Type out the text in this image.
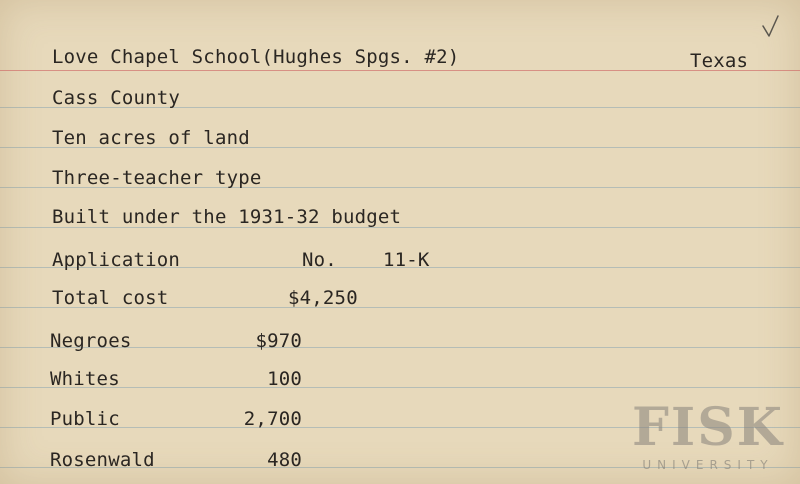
Love Chapel School(Hughes Spgs. #2)	Texas
Cass County
Ten acres of land
Three-teacher type
Built under the 1931-32 budget
Application	No. 11-K
Total cost	$4,250
Negroes	$970
Whites	100
Public	2,700
Rosenwald	480
FISK
UNIVERSITY
